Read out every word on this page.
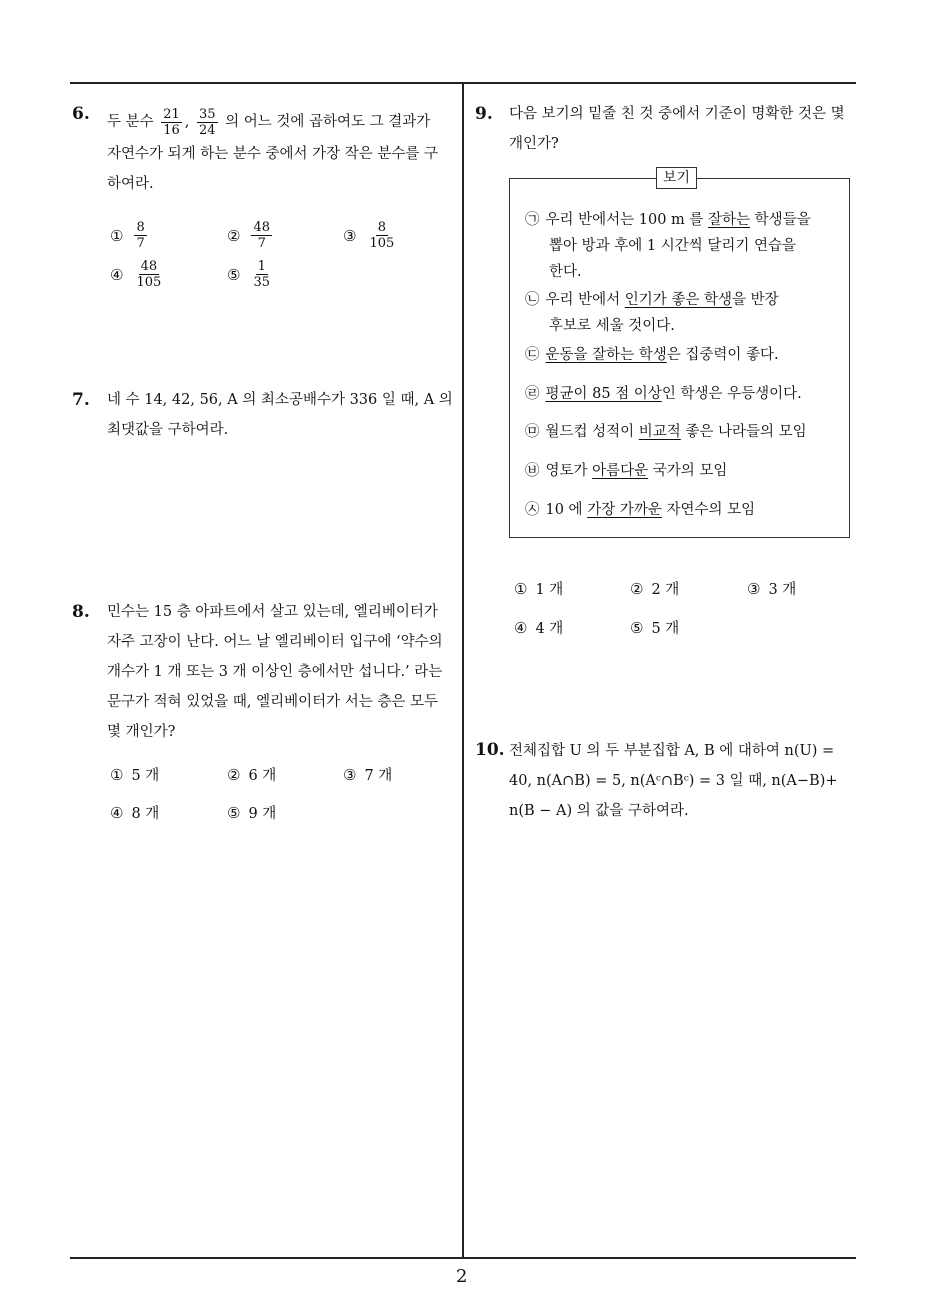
2
6. 두 분수 $\frac{21}{16}$ , $\frac{35}{24}$ 의 어느 것에 곱하여도 그 결과가
자연수가 되게 하는 분수 중에서 가장 작은 분수를 구
하여라.
① $\frac{8}{7}$	② $\frac{48}{7}$	③ $\frac{8}{105}$
④ $\frac{48}{105}$	⑤ $\frac{1}{35}$
7. 네 수 14, 42, 56, A 의 최소공배수가 336 일 때, A 의
최댓값을 구하여라.
8. 민수는 15 층 아파트에서 살고 있는데, 엘리베이터가
자주 고장이 난다. 어느 날 엘리베이터 입구에 ‘약수의
개수가 1 개 또는 3 개 이상인 층에서만 섭니다.’ 라는
문구가 적혀 있었을 때, 엘리베이터가 서는 층은 모두
몇 개인가?
① 5 개	② 6 개	③ 7 개
④ 8 개	⑤ 9 개
9. 다음 보기의 밑줄 친 것 중에서 기준이 명확한 것은 몇
개인가?
보기
㉠ 우리 반에서는 100 m 를 잘하는 학생들을
뽑아 방과 후에 1 시간씩 달리기 연습을
한다.
㉡ 우리 반에서 인기가 좋은 학생을 반장
후보로 세울 것이다.
㉢ 운동을 잘하는 학생은 집중력이 좋다.
㉣ 평균이 85 점 이상인 학생은 우등생이다.
㉤ 월드컵 성적이 비교적 좋은 나라들의 모임
㉥ 영토가 아름다운 국가의 모임
㉦ 10 에 가장 가까운 자연수의 모임
① 1 개	② 2 개	③ 3 개
④ 4 개	⑤ 5 개
10. 전체집합 U 의 두 부분집합 A, B 에 대하여 n(U) =
40, n(A∩B) = 5, n(Aᶜ∩Bᶜ) = 3 일 때, n(A−B)+
n(B − A) 의 값을 구하여라.
